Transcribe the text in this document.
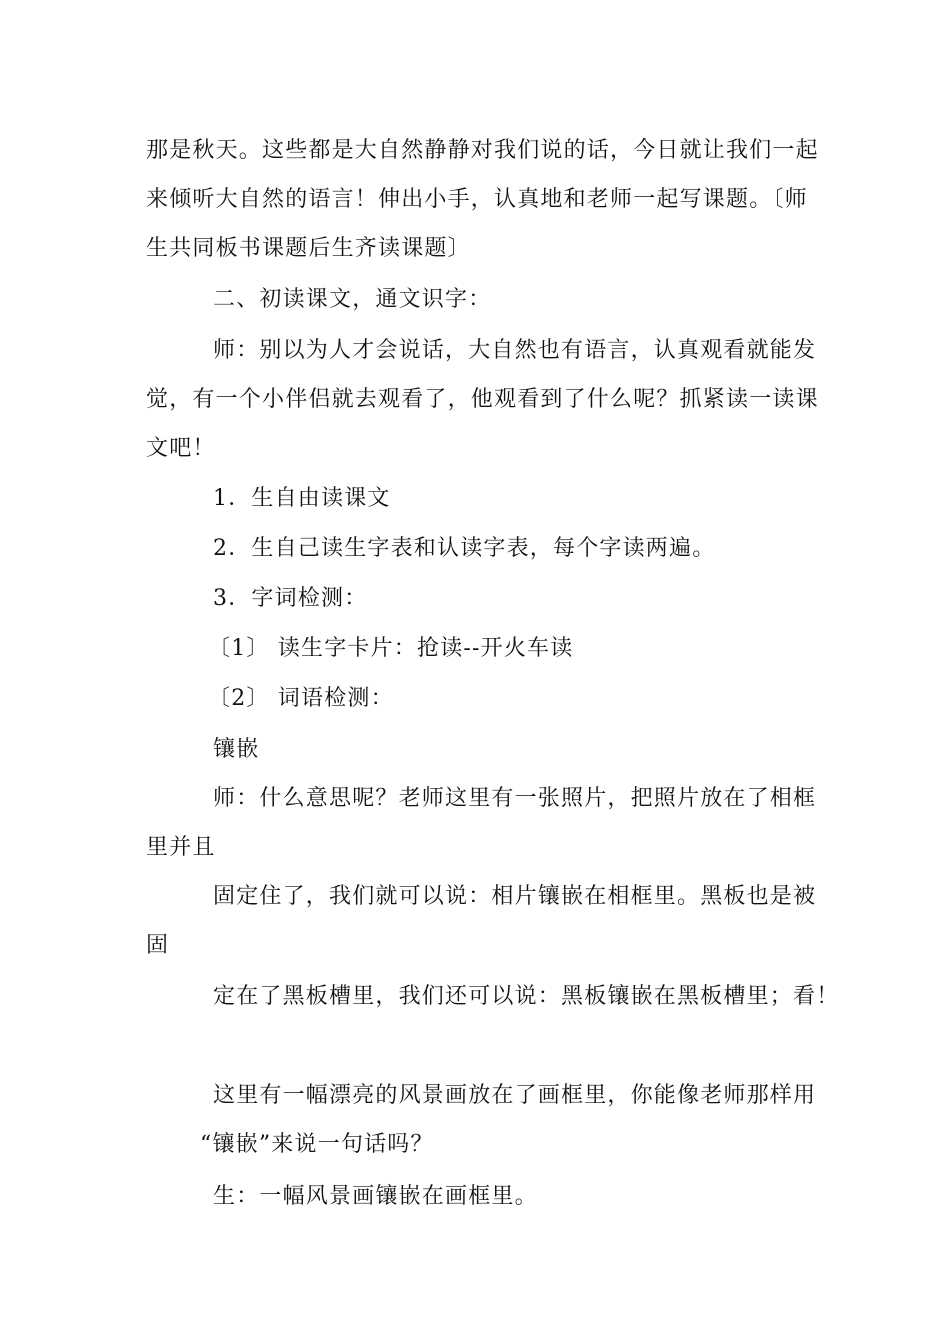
那是秋天。这些都是大自然静静对我们说的话，今日就让我们一起
来倾听大自然的语言！伸出小手，认真地和老师一起写课题。〔师
生共同板书课题后生齐读课题〕
二、初读课文，通文识字：
师：别以为人才会说话，大自然也有语言，认真观看就能发
觉，有一个小伴侣就去观看了，他观看到了什么呢？抓紧读一读课
文吧！
1．生自由读课文
2．生自己读生字表和认读字表，每个字读两遍。
3．字词检测：
〔1〕 读生字卡片：抢读--开火车读
〔2〕 词语检测：
镶嵌
师：什么意思呢？老师这里有一张照片，把照片放在了相框
里并且
固定住了，我们就可以说：相片镶嵌在相框里。黑板也是被
固
定在了黑板槽里，我们还可以说：黑板镶嵌在黑板槽里；看！
这里有一幅漂亮的风景画放在了画框里，你能像老师那样用
“镶嵌”来说一句话吗？
生：一幅风景画镶嵌在画框里。
